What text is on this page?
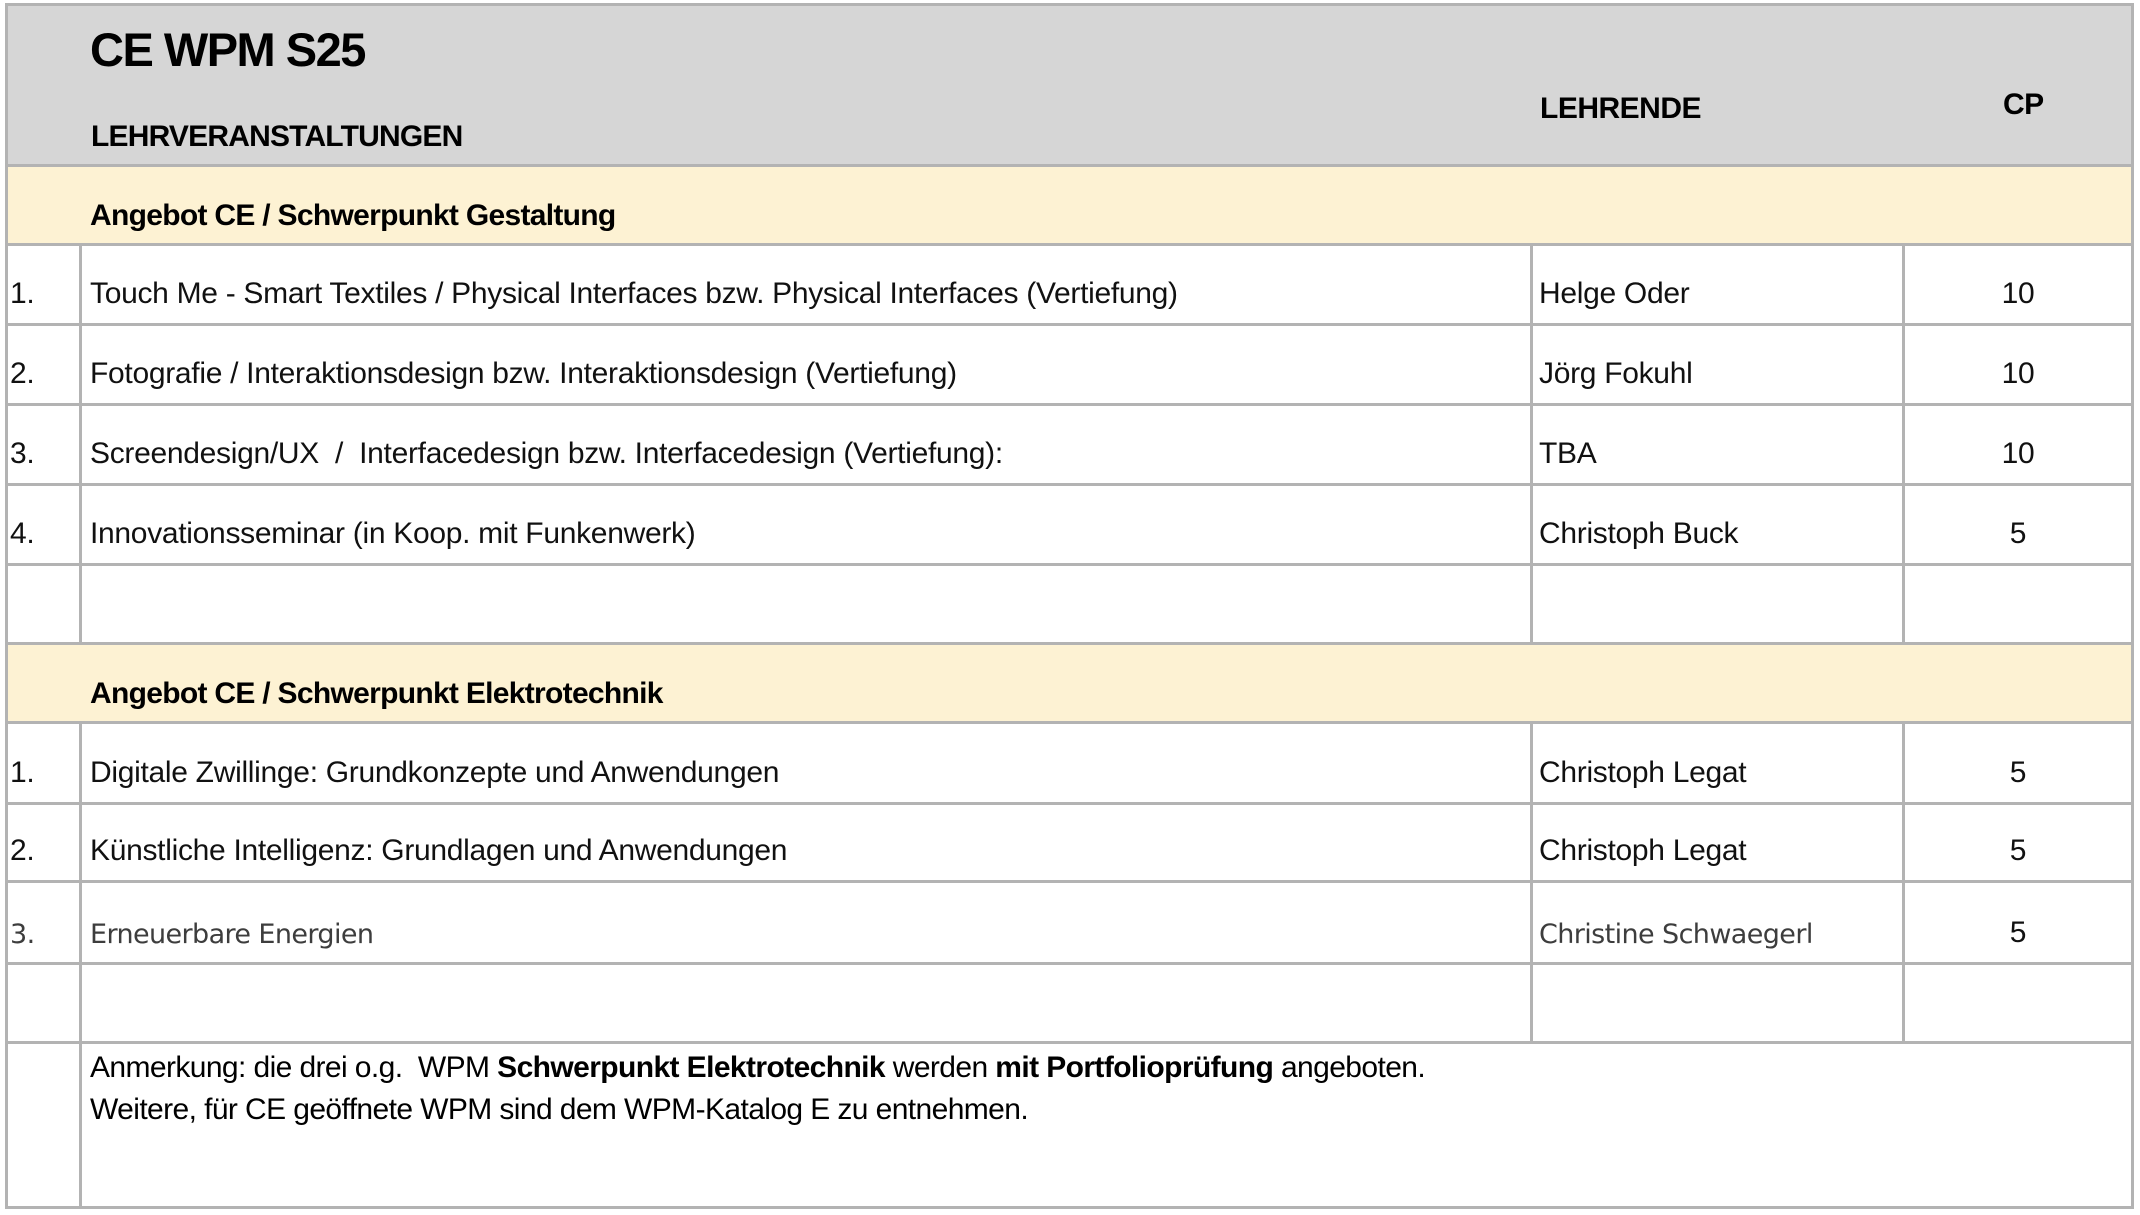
CE WPM S25
LEHRVERANSTALTUNGEN
LEHRENDE	CP
Angebot CE / Schwerpunkt Gestaltung
1. Touch Me - Smart Textiles / Physical Interfaces bzw. Physical Interfaces (Vertiefung)	Helge Oder	10
2. Fotografie / Interaktionsdesign bzw. Interaktionsdesign (Vertiefung)	Jörg Fokuhl	10
3. Screendesign/UX  /  Interfacedesign bzw. Interfacedesign (Vertiefung):	TBA	10
4. Innovationsseminar (in Koop. mit Funkenwerk)	Christoph Buck	5
Angebot CE / Schwerpunkt Elektrotechnik
1. Digitale Zwillinge: Grundkonzepte und Anwendungen	Christoph Legat	5
2. Künstliche Intelligenz: Grundlagen und Anwendungen	Christoph Legat	5
3. Erneuerbare Energien	Christine Schwaegerl	5
Anmerkung: die drei o.g.  WPM Schwerpunkt Elektrotechnik werden mit Portfolioprüfung angeboten.
Weitere, für CE geöffnete WPM sind dem WPM-Katalog E zu entnehmen.
